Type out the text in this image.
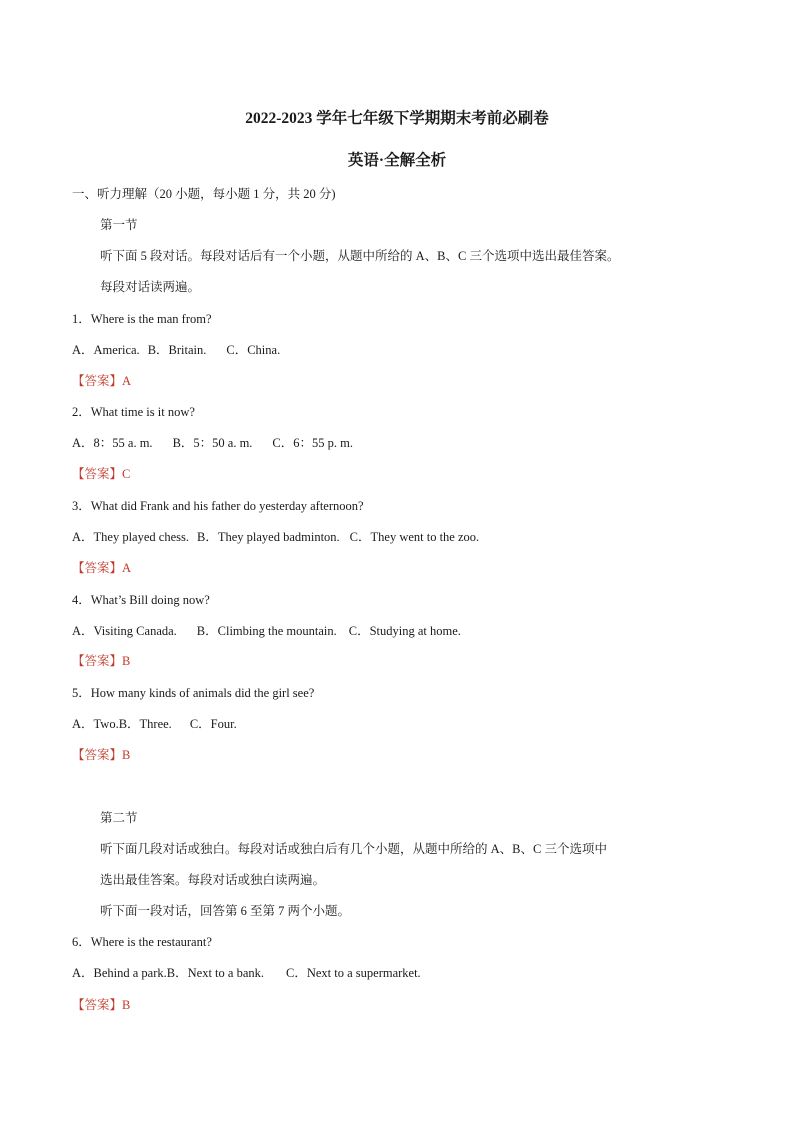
2022-2023 学年七年级下学期期末考前必刷卷
英语·全解全析
一、听力理解（20 小题，每小题 1 分，共 20 分)
第一节
听下面 5 段对话。每段对话后有一个小题，从题中所给的 A、B、C 三个选项中选出最佳答案。
每段对话读两遍。
1．Where is the man from?
A．America. B．Britain. C．China.
【答案】A
2．What time is it now?
A．8：55 a. m. B．5：50 a. m. C．6：55 p. m.
【答案】C
3．What did Frank and his father do yesterday afternoon?
A．They played chess. B．They played badminton. C．They went to the zoo.
【答案】A
4．What’s Bill doing now?
A．Visiting Canada. B．Climbing the mountain. C．Studying at home.
【答案】B
5．How many kinds of animals did the girl see?
A．Two.B．Three. C．Four.
【答案】B
第二节
听下面几段对话或独白。每段对话或独白后有几个小题，从题中所给的 A、B、C 三个选项中
选出最佳答案。每段对话或独白读两遍。
听下面一段对话，回答第 6 至第 7 两个小题。
6．Where is the restaurant?
A．Behind a park.B．Next to a bank. C．Next to a supermarket.
【答案】B
